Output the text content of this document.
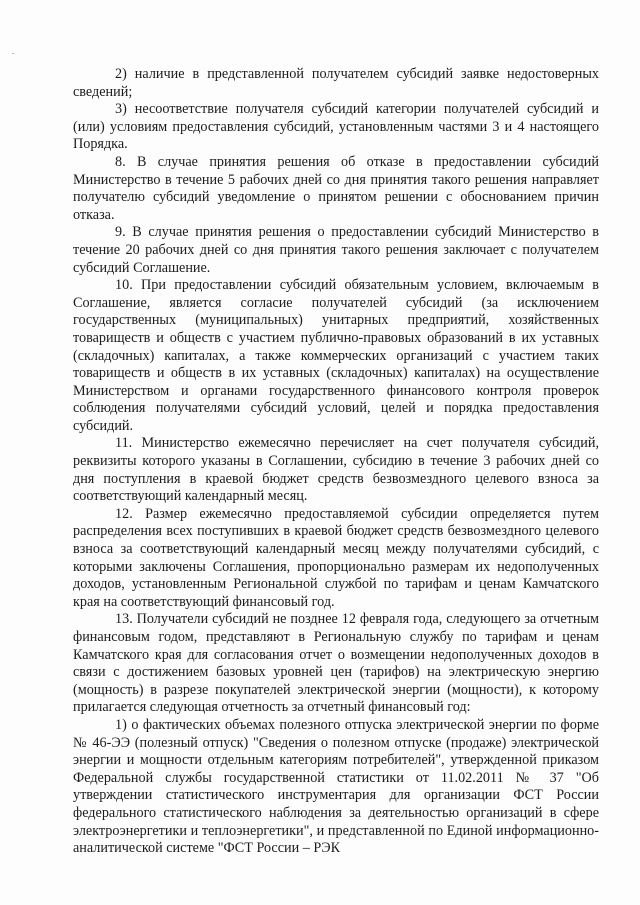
2) наличие в представленной получателем субсидий заявке недостоверных сведений;

3) несоответствие получателя субсидий категории получателей субсидий и (или) условиям предоставления субсидий, установленным частями 3 и 4 настоящего Порядка.

8. В случае принятия решения об отказе в предоставлении субсидий Министерство в течение 5 рабочих дней со дня принятия такого решения направляет получателю субсидий уведомление о принятом решении с обоснованием причин отказа.

9. В случае принятия решения о предоставлении субсидий Министерство в течение 20 рабочих дней со дня принятия такого решения заключает с получателем субсидий Соглашение.

10. При предоставлении субсидий обязательным условием, включаемым в Соглашение, является согласие получателей субсидий (за исключением государственных (муниципальных) унитарных предприятий, хозяйственных товариществ и обществ с участием публично-правовых образований в их уставных (складочных) капиталах, а также коммерческих организаций с участием таких товариществ и обществ в их уставных (складочных) капиталах) на осуществление Министерством и органами государственного финансового контроля проверок соблюдения получателями субсидий условий, целей и порядка предоставления субсидий.

11. Министерство ежемесячно перечисляет на счет получателя субсидий, реквизиты которого указаны в Соглашении, субсидию в течение 3 рабочих дней со дня поступления в краевой бюджет средств безвозмездного целевого взноса за соответствующий календарный месяц.

12. Размер ежемесячно предоставляемой субсидии определяется путем распределения всех поступивших в краевой бюджет средств безвозмездного целевого взноса за соответствующий календарный месяц между получателями субсидий, с которыми заключены Соглашения, пропорционально размерам их недополученных доходов, установленным Региональной службой по тарифам и ценам Камчатского края на соответствующий финансовый год.

13. Получатели субсидий не позднее 12 февраля года, следующего за отчетным финансовым годом, представляют в Региональную службу по тарифам и ценам Камчатского края для согласования отчет о возмещении недополученных доходов в связи с достижением базовых уровней цен (тарифов) на электрическую энергию (мощность) в разрезе покупателей электрической энергии (мощности), к которому прилагается следующая отчетность за отчетный финансовый год:

1) о фактических объемах полезного отпуска электрической энергии по форме № 46-ЭЭ (полезный отпуск) "Сведения о полезном отпуске (продаже) электрической энергии и мощности отдельным категориям потребителей", утвержденной приказом Федеральной службы государственной статистики от 11.02.2011 № 37 "Об утверждении статистического инструментария для организации ФСТ России федерального статистического наблюдения за деятельностью организаций в сфере электроэнергетики и теплоэнергетики", и представленной по Единой информационно-аналитической системе "ФСТ России – РЭК
